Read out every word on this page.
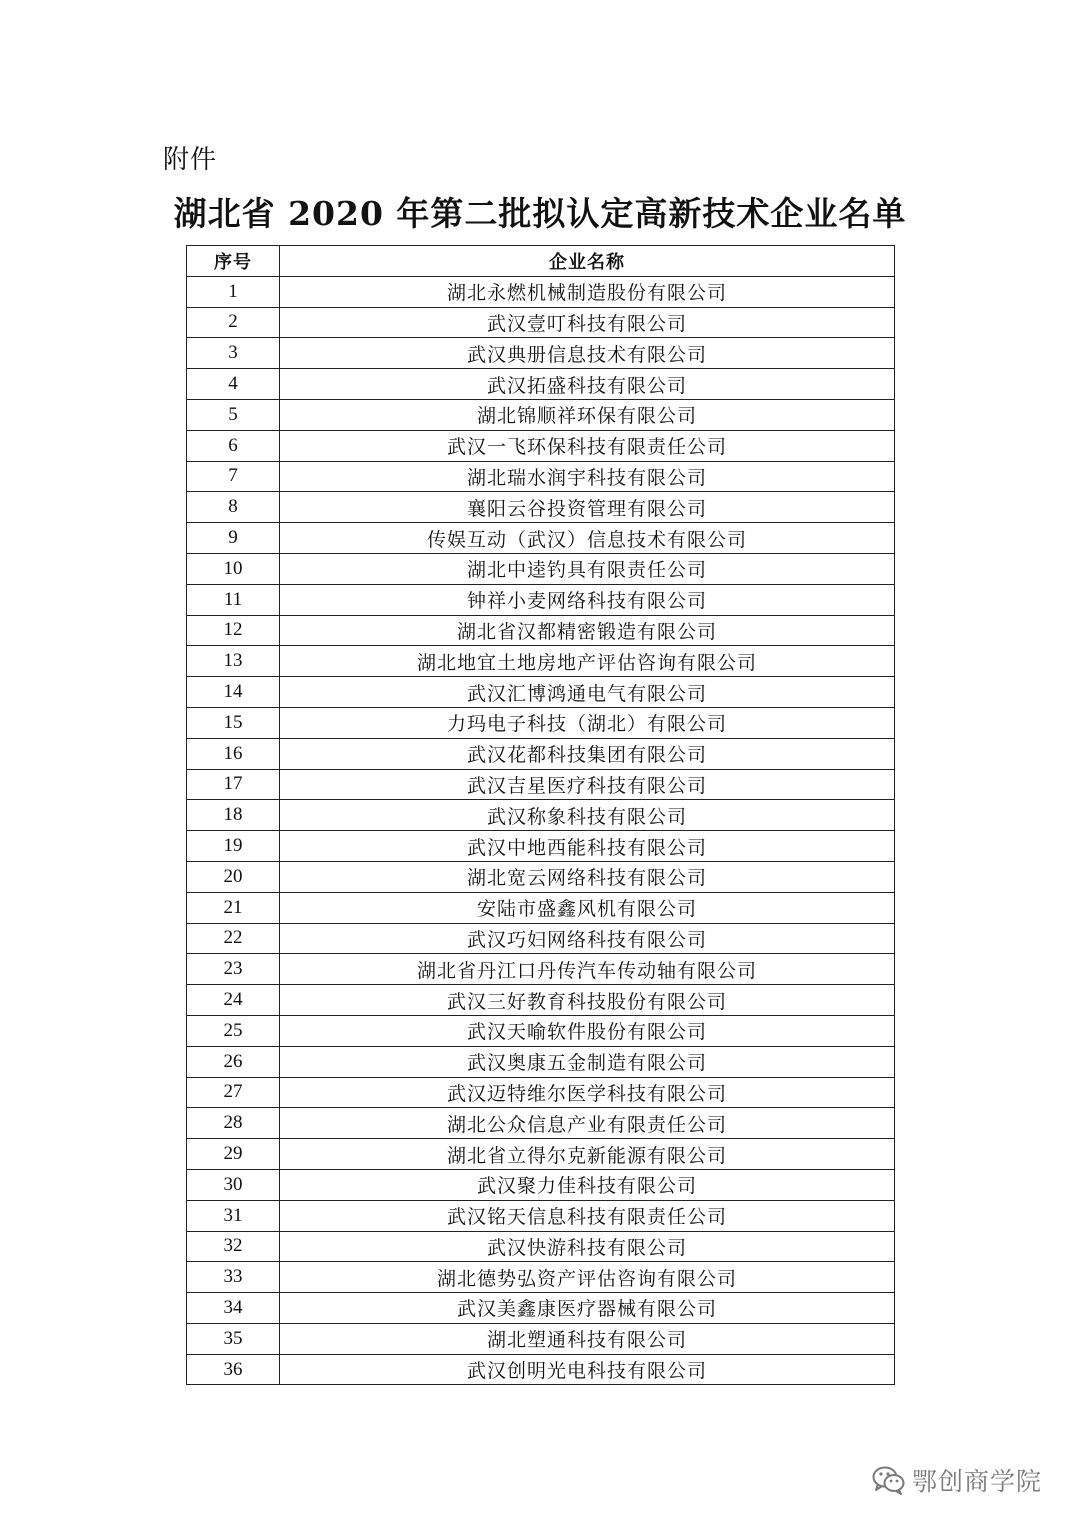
附件
湖北省 2020 年第二批拟认定高新技术企业名单
序号	企业名称
1	湖北永燃机械制造股份有限公司
2	武汉壹叮科技有限公司
3	武汉典册信息技术有限公司
4	武汉拓盛科技有限公司
5	湖北锦顺祥环保有限公司
6	武汉一飞环保科技有限责任公司
7	湖北瑞水润宇科技有限公司
8	襄阳云谷投资管理有限公司
9	传娱互动（武汉）信息技术有限公司
10	湖北中逵钓具有限责任公司
11	钟祥小麦网络科技有限公司
12	湖北省汉都精密锻造有限公司
13	湖北地宜土地房地产评估咨询有限公司
14	武汉汇博鸿通电气有限公司
15	力玛电子科技（湖北）有限公司
16	武汉花都科技集团有限公司
17	武汉吉星医疗科技有限公司
18	武汉称象科技有限公司
19	武汉中地西能科技有限公司
20	湖北宽云网络科技有限公司
21	安陆市盛鑫风机有限公司
22	武汉巧妇网络科技有限公司
23	湖北省丹江口丹传汽车传动轴有限公司
24	武汉三好教育科技股份有限公司
25	武汉天喻软件股份有限公司
26	武汉奥康五金制造有限公司
27	武汉迈特维尔医学科技有限公司
28	湖北公众信息产业有限责任公司
29	湖北省立得尔克新能源有限公司
30	武汉聚力佳科技有限公司
31	武汉铭天信息科技有限责任公司
32	武汉快游科技有限公司
33	湖北德势弘资产评估咨询有限公司
34	武汉美鑫康医疗器械有限公司
35	湖北塑通科技有限公司
36	武汉创明光电科技有限公司
鄂创商学院
